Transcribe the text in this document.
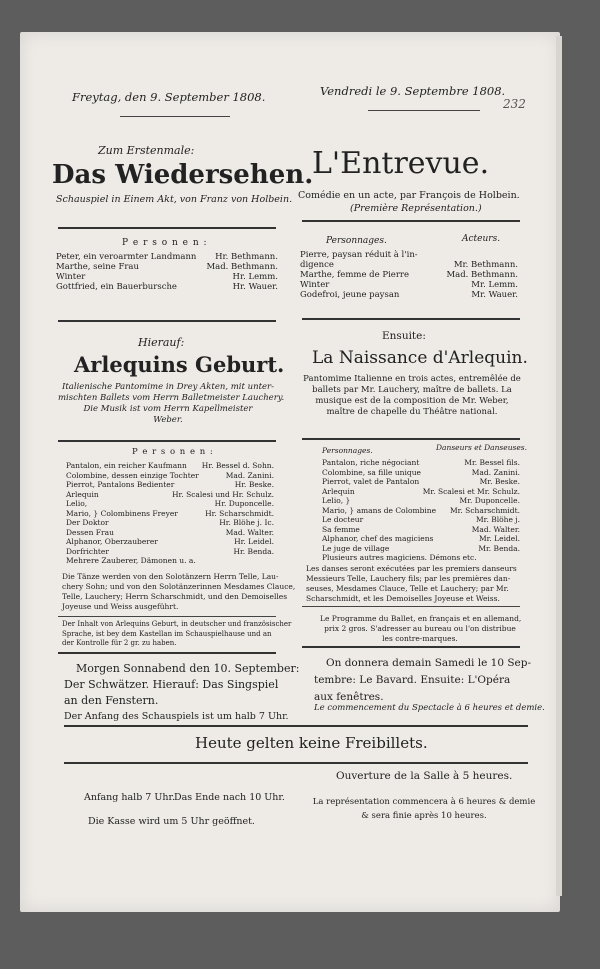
232
Freytag, den 9. September 1808.
Zum Erstenmale:
Das Wiedersehen.
Schauspiel in Einem Akt, von Franz von Holbein.
P e r s o n e n :
Peter, ein veroarmter Landmann Hr. Bethmann.
Marthe, seine Frau	Mad. Bethmann.
Winter	Hr. Lemm.
Gottfried, ein Bauerbursche	Hr. Wauer.
Hierauf:
Arlequins Geburt.
Italienische Pantomime in Drey Akten, mit unter-
mischten Ballets vom Herrn Balletmeister Lauchery.
Die Musik ist vom Herrn Kapellmeister
Weber.
P e r s o n e n :
Pantalon, ein reicher Kaufmann Hr. Bessel d. Sohn.
Colombine, dessen einzige Tochter	Mad. Zanini.
Pierrot, Pantalons Bedienter	Hr. Beske.
Arlequin	Hr. Scalesi und Hr. Schulz.
Lelio,	Hr. Duponcelle.
Mario, } Colombinens Freyer	Hr. Scharschmidt.
Der Doktor	Hr. Blöhe j. Ic.
Dessen Frau	Mad. Walter.
Alphanor, Oberzauberer	Hr. Leidel.
Dorfrichter	Hr. Benda.
Mehrere Zauberer, Dämonen u. a.
Die Tänze werden von den Solotänzern Herrn Telle, Lau-
chery Sohn; und von den Solotänzerinnen Mesdames Clauce,
Telle, Lauchery; Herrn Scharschmidt, und den Demoiselles
Joyeuse und Weiss ausgeführt.
Der Inhalt von Arlequins Geburt, in deutscher und französischer
Sprache, ist bey dem Kastellan im Schauspielhause und an
der Kontrolle für 2 gr. zu haben.
Morgen Sonnabend den 10. September:
Der Schwätzer. Hierauf: Das Singspiel
an den Fenstern.
Der Anfang des Schauspiels ist um halb 7 Uhr.
Vendredi le 9. Septembre 1808.
L'Entrevue.
Comédie en un acte, par François de Holbein.
(Première Représentation.)
Personnages.	Acteurs.
Pierre, paysan réduit à l'in-
digence	Mr. Bethmann.
Marthe, femme de Pierre	Mad. Bethmann.
Winter	Mr. Lemm.
Godefroi, jeune paysan	Mr. Wauer.
Ensuite:
La Naissance d'Arlequin.
Pantomime Italienne en trois actes, entremêlée de
ballets par Mr. Lauchery, maître de ballets. La
musique est de la composition de Mr. Weber,
maître de chapelle du Théâtre national.
Personnages.	Danseurs et Danseuses.
Pantalon, riche négociant	Mr. Bessel fils.
Colombine, sa fille unique	Mad. Zanini.
Pierrot, valet de Pantalon	Mr. Beske.
Arlequin	Mr. Scalesi et Mr. Schulz.
Lelio, }	Mr. Duponcelle.
Mario, } amans de Colombine Mr. Scharschmidt.
Le docteur	Mr. Blöhe j.
Sa femme	Mad. Walter.
Alphanor, chef des magiciens	Mr. Leidel.
Le juge de village	Mr. Benda.
Plusieurs autres magiciens. Démons etc.
Les danses seront exécutées par les premiers danseurs
Messieurs Telle, Lauchery fils; par les premières dan-
seuses, Mesdames Clauce, Telle et Lauchery; par Mr.
Scharschmidt, et les Demoiselles Joyeuse et Weiss.
Le Programme du Ballet, en français et en allemand,
prix 2 gros. S'adresser au bureau ou l'on distribue
les contre-marques.
On donnera demain Samedi le 10 Sep-
tembre: Le Bavard. Ensuite: L'Opéra
aux fenêtres.
Le commencement du Spectacle à 6 heures et demie.
Heute gelten keine Freibillets.
Anfang halb 7 Uhr.
Das Ende nach 10 Uhr.
Die Kasse wird um 5 Uhr geöffnet.
Ouverture de la Salle à 5 heures.
La représentation commencera à 6 heures & demie
& sera finie après 10 heures.
